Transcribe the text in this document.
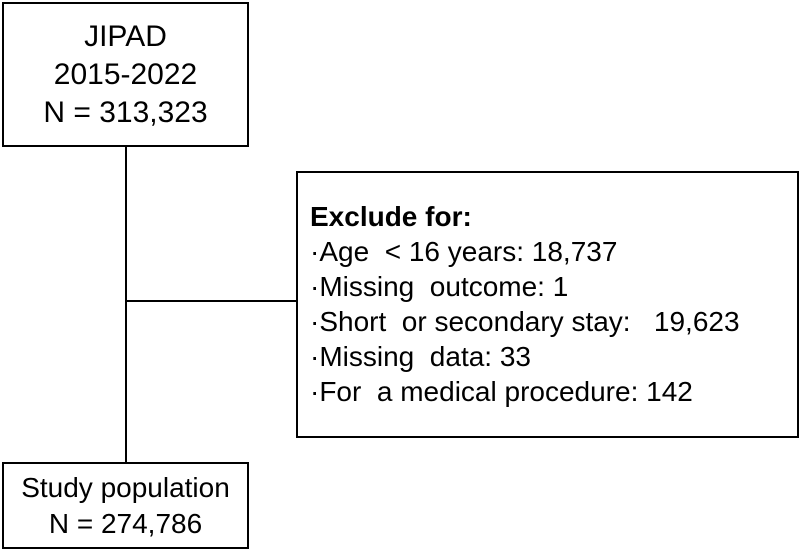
JIPAD
2015-2022
N = 313,323
Exclude for:
·Age  < 16 years: 18,737
·Missing  outcome: 1
·Short  or secondary stay:   19,623
·Missing  data: 33
·For  a medical procedure: 142
Study population
N = 274,786
